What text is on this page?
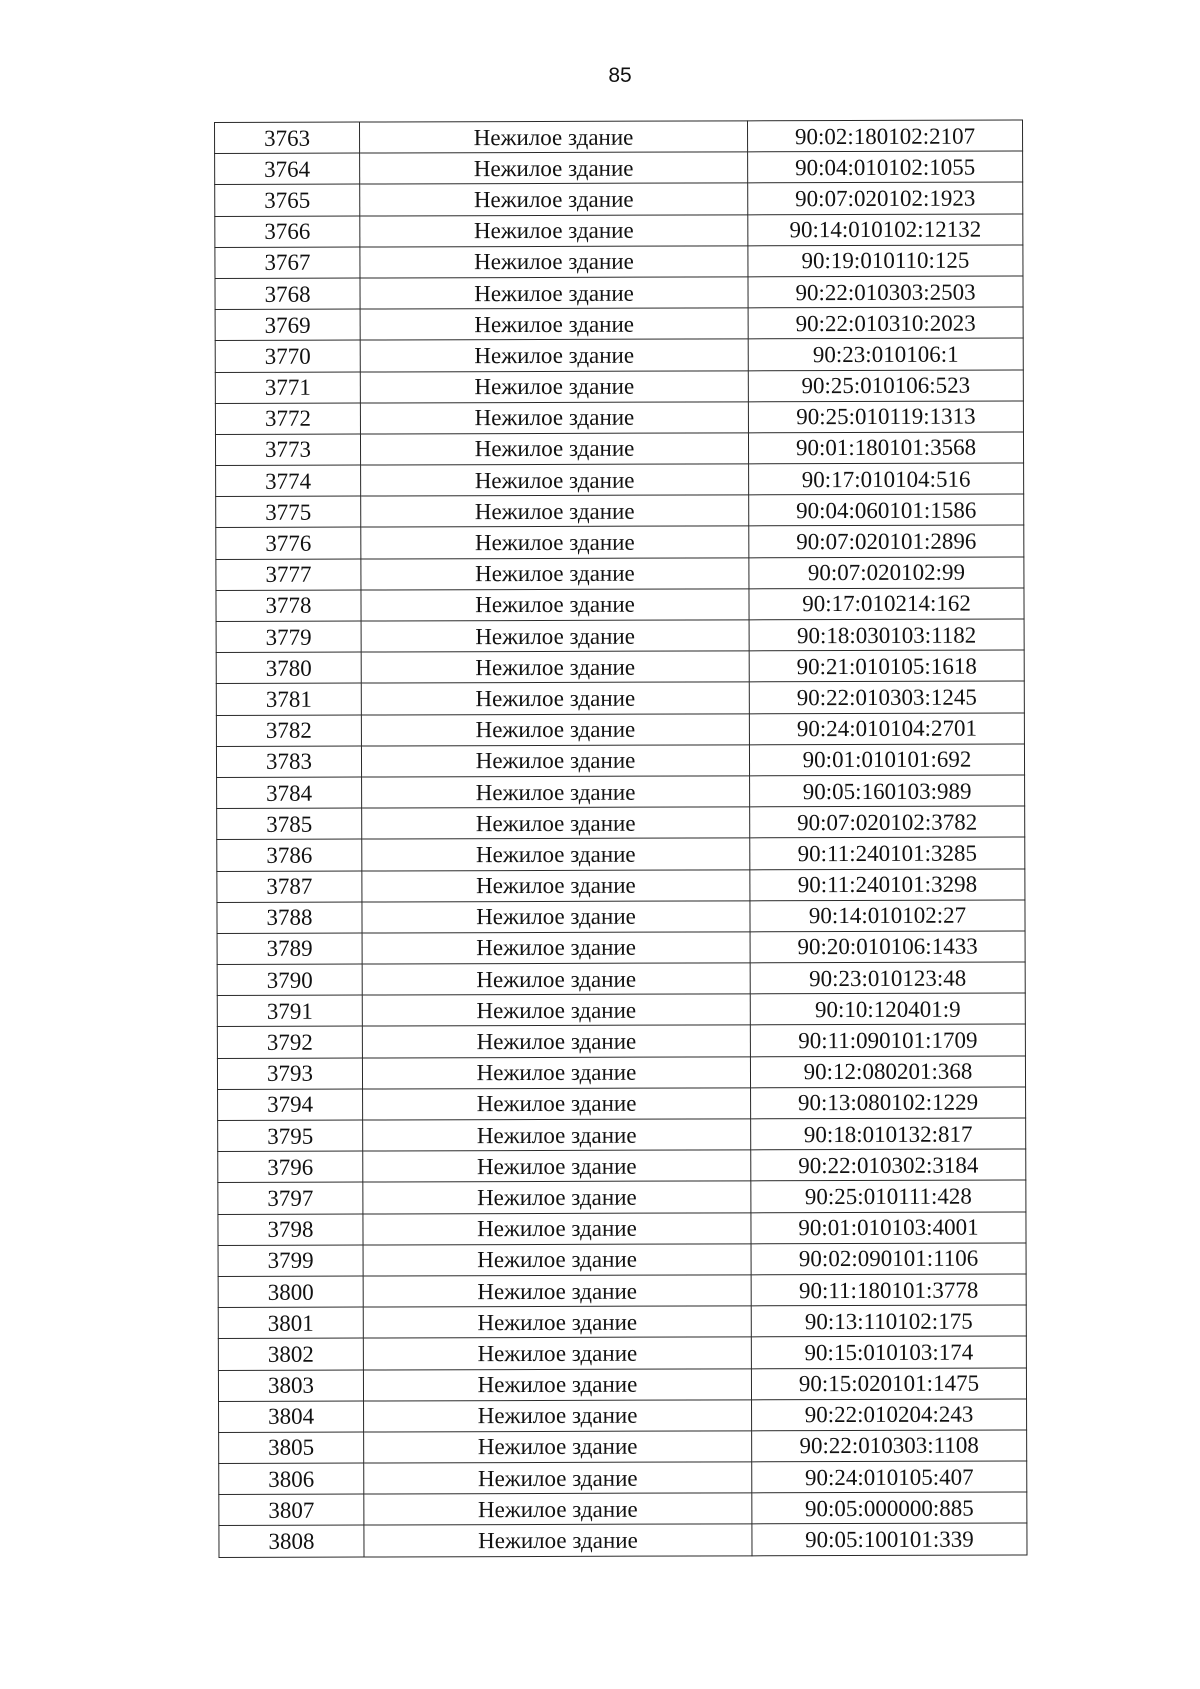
85
3763	Нежилое здание	90:02:180102:2107
3764	Нежилое здание	90:04:010102:1055
3765	Нежилое здание	90:07:020102:1923
3766	Нежилое здание	90:14:010102:12132
3767	Нежилое здание	90:19:010110:125
3768	Нежилое здание	90:22:010303:2503
3769	Нежилое здание	90:22:010310:2023
3770	Нежилое здание	90:23:010106:1
3771	Нежилое здание	90:25:010106:523
3772	Нежилое здание	90:25:010119:1313
3773	Нежилое здание	90:01:180101:3568
3774	Нежилое здание	90:17:010104:516
3775	Нежилое здание	90:04:060101:1586
3776	Нежилое здание	90:07:020101:2896
3777	Нежилое здание	90:07:020102:99
3778	Нежилое здание	90:17:010214:162
3779	Нежилое здание	90:18:030103:1182
3780	Нежилое здание	90:21:010105:1618
3781	Нежилое здание	90:22:010303:1245
3782	Нежилое здание	90:24:010104:2701
3783	Нежилое здание	90:01:010101:692
3784	Нежилое здание	90:05:160103:989
3785	Нежилое здание	90:07:020102:3782
3786	Нежилое здание	90:11:240101:3285
3787	Нежилое здание	90:11:240101:3298
3788	Нежилое здание	90:14:010102:27
3789	Нежилое здание	90:20:010106:1433
3790	Нежилое здание	90:23:010123:48
3791	Нежилое здание	90:10:120401:9
3792	Нежилое здание	90:11:090101:1709
3793	Нежилое здание	90:12:080201:368
3794	Нежилое здание	90:13:080102:1229
3795	Нежилое здание	90:18:010132:817
3796	Нежилое здание	90:22:010302:3184
3797	Нежилое здание	90:25:010111:428
3798	Нежилое здание	90:01:010103:4001
3799	Нежилое здание	90:02:090101:1106
3800	Нежилое здание	90:11:180101:3778
3801	Нежилое здание	90:13:110102:175
3802	Нежилое здание	90:15:010103:174
3803	Нежилое здание	90:15:020101:1475
3804	Нежилое здание	90:22:010204:243
3805	Нежилое здание	90:22:010303:1108
3806	Нежилое здание	90:24:010105:407
3807	Нежилое здание	90:05:000000:885
3808	Нежилое здание	90:05:100101:339
